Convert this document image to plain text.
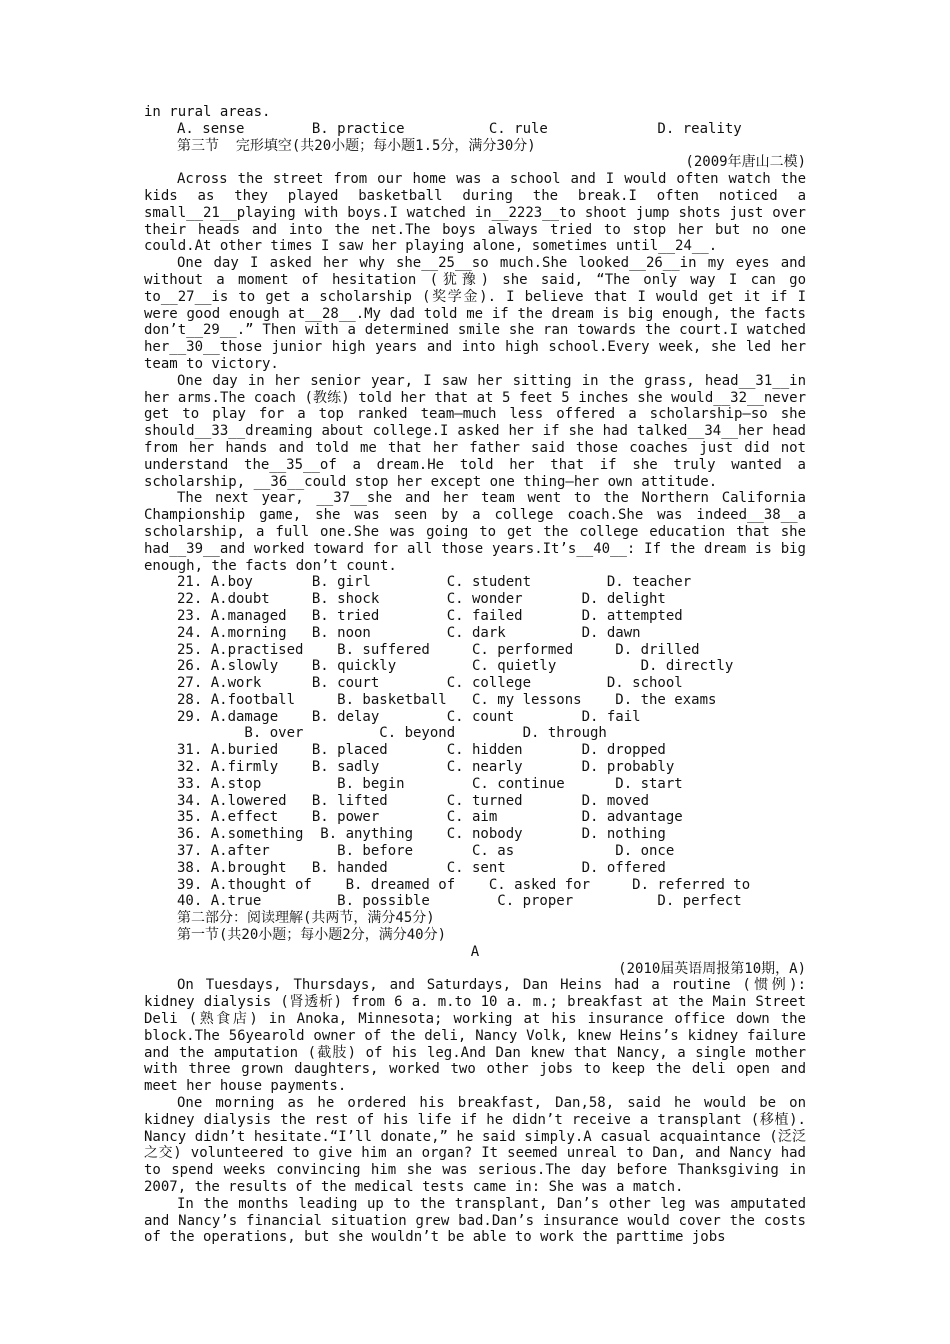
in rural areas.
A. sense        B. practice          C. rule             D. reality
第三节  完形填空(共20小题；每小题1.5分，满分30分)
(2009年唐山二模)
Across the street from our home was a school and I would often watch the kids as they played basketball during the break.I often noticed a small__21__playing with boys.I watched in__2223__to shoot jump shots just over their heads and into the net.The boys always tried to stop her but no one could.At other times I saw her playing alone, sometimes until__24__.
One day I asked her why she__25__so much.She looked__26__in my eyes and without a moment of hesitation (犹豫) she said, “The only way I can go to__27__is to get a scholarship (奖学金). I believe that I would get it if I were good enough at__28__.My dad told me if the dream is big enough, the facts don’t__29__.” Then with a determined smile she ran towards the court.I watched her__30__those junior high years and into high school.Every week, she led her team to victory.
One day in her senior year, I saw her sitting in the grass, head__31__in her arms.The coach (教练) told her that at 5 feet 5 inches she would__32__never get to play for a top ranked team—much less offered a scholarship—so she should__33__dreaming about college.I asked her if she had talked__34__her head from her hands and told me that her father said those coaches just did not understand the__35__of a dream.He told her that if she truly wanted a scholarship, __36__could stop her except one thing—her own attitude.
The next year, __37__she and her team went to the Northern California Championship game, she was seen by a college coach.She was indeed__38__a scholarship, a full one.She was going to get the college education that she had__39__and worked toward for all those years.It’s__40__: If the dream is big enough, the facts don’t count.
21. A.boy       B. girl         C. student         D. teacher
22. A.doubt     B. shock        C. wonder       D. delight
23. A.managed   B. tried        C. failed       D. attempted
24. A.morning   B. noon         C. dark         D. dawn
25. A.practised    B. suffered     C. performed     D. drilled
26. A.slowly    B. quickly         C. quietly          D. directly
27. A.work      B. court        C. college         D. school
28. A.football     B. basketball   C. my lessons    D. the exams
29. A.damage    B. delay        C. count        D. fail
B. over         C. beyond        D. through
31. A.buried    B. placed       C. hidden       D. dropped
32. A.firmly    B. sadly        C. nearly       D. probably
33. A.stop         B. begin        C. continue      D. start
34. A.lowered   B. lifted       C. turned       D. moved
35. A.effect    B. power        C. aim          D. advantage
36. A.something  B. anything    C. nobody       D. nothing
37. A.after        B. before       C. as            D. once
38. A.brought   B. handed       C. sent         D. offered
39. A.thought of    B. dreamed of    C. asked for     D. referred to
40. A.true         B. possible        C. proper          D. perfect
第二部分：阅读理解(共两节，满分45分)
第一节(共20小题；每小题2分，满分40分)
A
(2010届英语周报第10期，A)
On Tuesdays, Thursdays, and Saturdays, Dan Heins had a routine (惯例): kidney dialysis (肾透析) from 6 a. m.to 10 a. m.; breakfast at the Main Street Deli (熟食店) in Anoka, Minnesota; working at his insurance office down the block.The 56yearold owner of the deli, Nancy Volk, knew Heins’s kidney failure and the amputation (截肢) of his leg.And Dan knew that Nancy, a single mother with three grown daughters, worked two other jobs to keep the deli open and meet her house payments.
One morning as he ordered his breakfast, Dan,58, said he would be on kidney dialysis the rest of his life if he didn’t receive a transplant (移植). Nancy didn’t hesitate.“I’ll donate,” he said simply.A casual acquaintance (泛泛之交) volunteered to give him an organ? It seemed unreal to Dan, and Nancy had to spend weeks convincing him she was serious.The day before Thanksgiving in 2007, the results of the medical tests came in: She was a match.
In the months leading up to the transplant, Dan’s other leg was amputated and Nancy’s financial situation grew bad.Dan’s insurance would cover the costs of the operations, but she wouldn’t be able to work the parttime jobs
